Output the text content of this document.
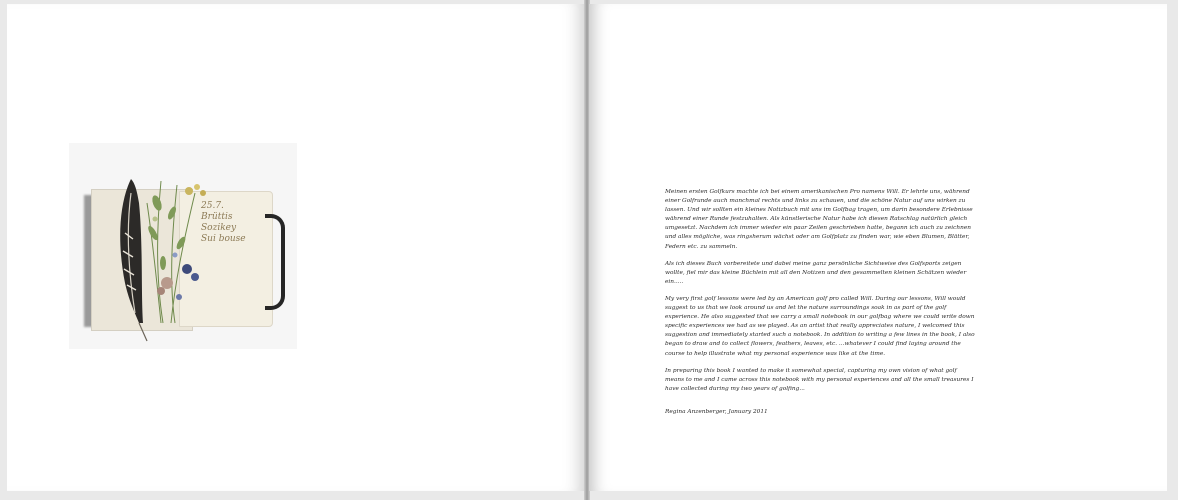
25.7.
Brüttis
Sozikey
Sui bouse

Meinen ersten Golfkurs machte ich bei einem amerikanischen Pro namens Will. Er lehrte uns, während einer Golfrunde auch manchmal rechts und links zu schauen, und die schöne Natur auf uns wirken zu lassen. Und wir sollten ein kleines Notizbuch mit uns im Golfbag tragen, um darin besondere Erlebnisse während einer Runde festzuhalten. Als künstlerische Natur habe ich diesen Ratschlag natürlich gleich umgesetzt. Nachdem ich immer wieder ein paar Zeilen geschrieben hatte, begann ich auch zu zeichnen und alles mögliche, was ringsherum wächst oder am Golfplatz zu finden war, wie eben Blumen, Blätter, Federn etc. zu sammeln.

Als ich dieses Buch vorbereitete und dabei meine ganz persönliche Sichtweise des Golfsports zeigen wollte, fiel mir das kleine Büchlein mit all den Notizen und den gesammelten kleinen Schätzen wieder ein.....

My very first golf lessons were led by an American golf pro called Will. During our lessons, Will would suggest to us that we look around us and let the nature surroundings soak in as part of the golf experience. He also suggested that we carry a small notebook in our golfbag where we could write down specific experiences we had as we played. As an artist that really appreciates nature, I welcomed this suggestion and immediately started such a notebook. In addition to writing a few lines in the book, I also began to draw and to collect flowers, feathers, leaves, etc. ...whatever I could find laying around the course to help illustrate what my personal experience was like at the time.

In preparing this book I wanted to make it somewhat special, capturing my own vision of what golf means to me and I came across this notebook with my personal experiences and all the small treasures I have collected during my two years of golfing...

Regina Anzenberger, January 2011
